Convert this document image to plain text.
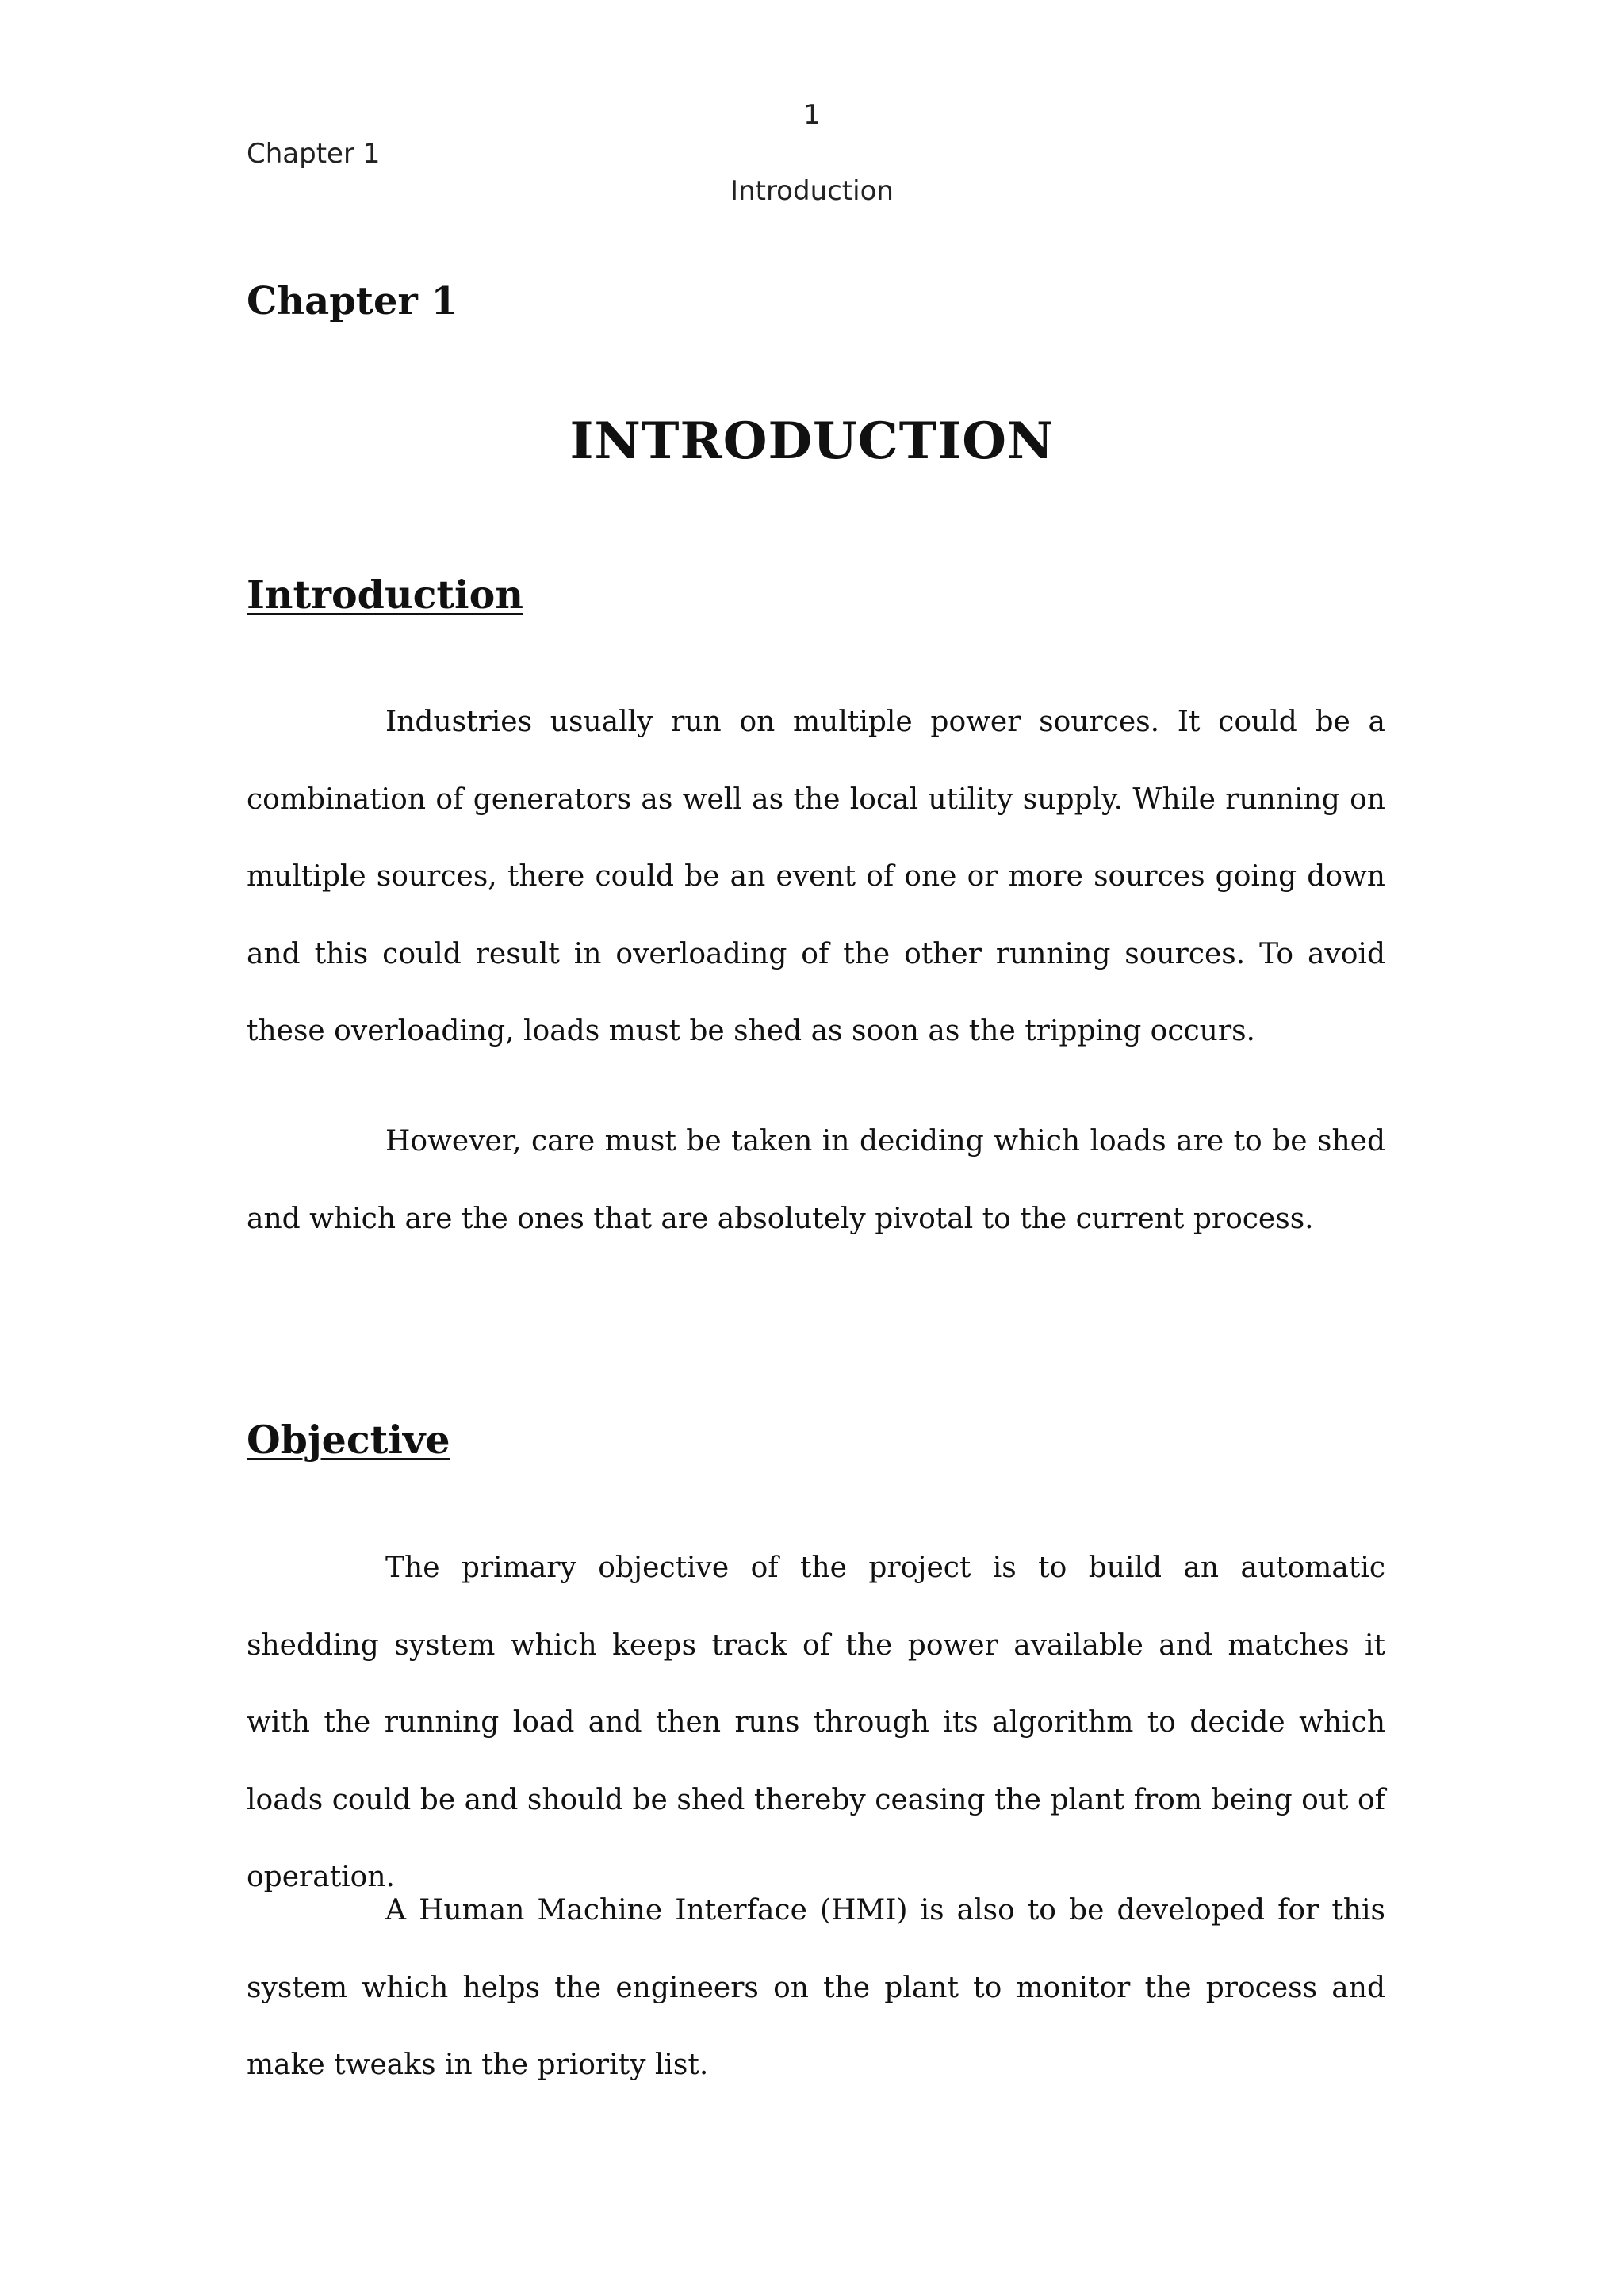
1
Chapter 1
Introduction
Chapter 1
INTRODUCTION
Introduction

Industries usually run on multiple power sources. It could be a combination of generators as well as the local utility supply. While running on multiple sources, there could be an event of one or more sources going down and this could result in overloading of the other running sources. To avoid these overloading, loads must be shed as soon as the tripping occurs.

However, care must be taken in deciding which loads are to be shed and which are the ones that are absolutely pivotal to the current process.

Objective

The primary objective of the project is to build an automatic shedding system which keeps track of the power available and matches it with the running load and then runs through its algorithm to decide which loads could be and should be shed thereby ceasing the plant from being out of operation.

A Human Machine Interface (HMI) is also to be developed for this system which helps the engineers on the plant to monitor the process and make tweaks in the priority list.
